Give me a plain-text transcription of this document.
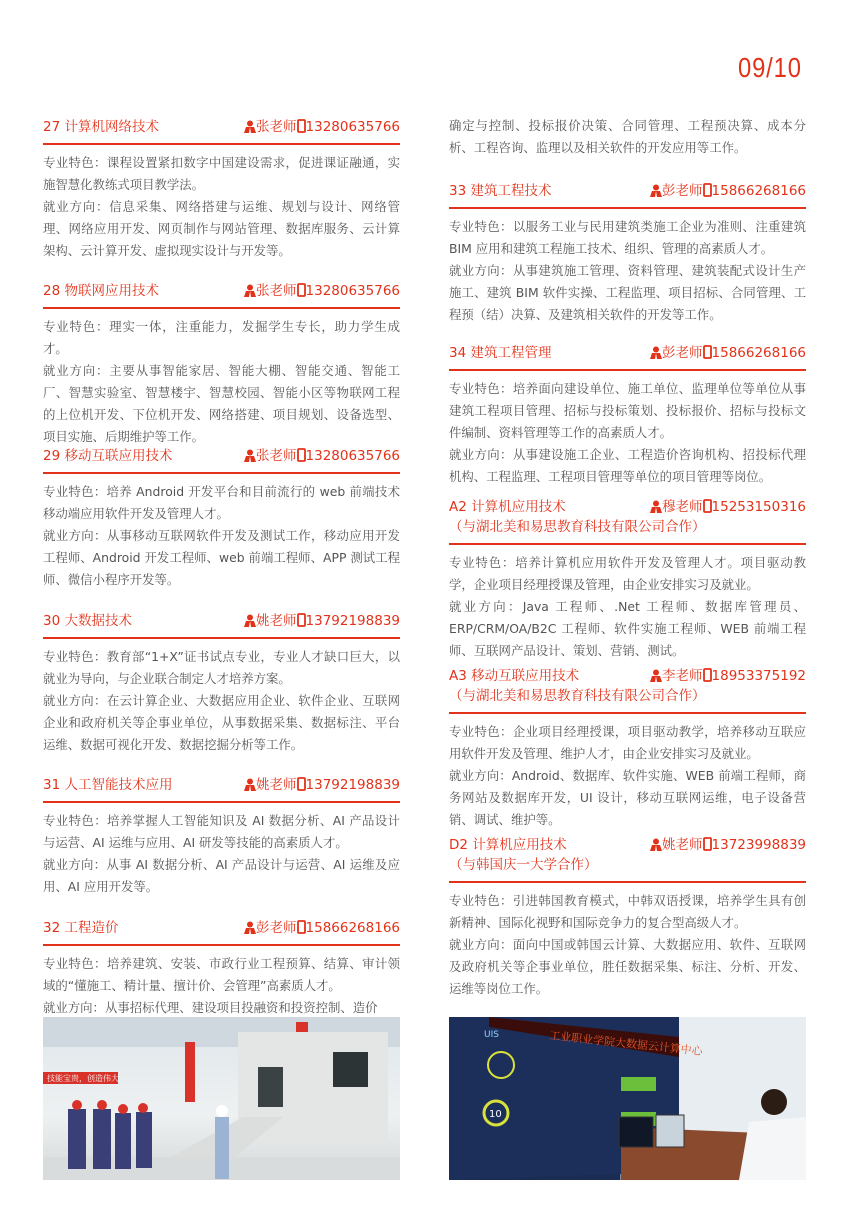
09/10

确定与控制、投标报价决策、合同管理、工程预决算、成本分析、工程咨询、监理以及相关软件的开发应用等工作。

27 计算机网络技术	张老师 13280635766

专业特色：课程设置紧扣数字中国建设需求，促进课证融通，实施智慧化教练式项目教学法。

就业方向：信息采集、网络搭建与运维、规划与设计、网络管理、网络应用开发、网页制作与网站管理、数据库服务、云计算架构、云计算开发、虚拟现实设计与开发等。

28 物联网应用技术	张老师 13280635766

专业特色：理实一体，注重能力，发掘学生专长，助力学生成才。

就业方向：主要从事智能家居、智能大棚、智能交通、智能工厂、智慧实验室、智慧楼宇、智慧校园、智能小区等物联网工程的上位机开发、下位机开发、网络搭建、项目规划、设备选型、项目实施、后期维护等工作。

29 移动互联应用技术	张老师 13280635766

专业特色：培养 Android 开发平台和目前流行的 web 前端技术移动端应用软件开发及管理人才。

就业方向：从事移动互联网软件开发及测试工作，移动应用开发工程师、Android 开发工程师、web 前端工程师、APP 测试工程师、微信小程序开发等。

30 大数据技术	姚老师 13792198839

专业特色：教育部“1+X”证书试点专业，专业人才缺口巨大，以就业为导向，与企业联合制定人才培养方案。

就业方向：在云计算企业、大数据应用企业、软件企业、互联网企业和政府机关等企事业单位，从事数据采集、数据标注、平台运维、数据可视化开发、数据挖掘分析等工作。

31 人工智能技术应用	姚老师 13792198839

专业特色：培养掌握人工智能知识及 AI 数据分析、AI 产品设计与运营、AI 运维与应用、AI 研发等技能的高素质人才。

就业方向：从事 AI 数据分析、AI 产品设计与运营、AI 运维及应用、AI 应用开发等。

32 工程造价	彭老师 15866268166

专业特色：培养建筑、安装、市政行业工程预算、结算、审计领域的“懂施工、精计量、擅计价、会管理”高素质人才。

就业方向：从事招标代理、建设项目投融资和投资控制、造价

33 建筑工程技术	彭老师 15866268166

专业特色：以服务工业与民用建筑类施工企业为准则、注重建筑 BIM 应用和建筑工程施工技术、组织、管理的高素质人才。

就业方向：从事建筑施工管理、资料管理、建筑装配式设计生产施工、建筑 BIM 软件实操、工程监理、项目招标、合同管理、工程预（结）决算、及建筑相关软件的开发等工作。

34 建筑工程管理	彭老师 15866268166

专业特色：培养面向建设单位、施工单位、监理单位等单位从事建筑工程项目管理、招标与投标策划、投标报价、招标与投标文件编制、资料管理等工作的高素质人才。

就业方向：从事建设施工企业、工程造价咨询机构、招投标代理机构、工程监理、工程项目管理等单位的项目管理等岗位。

A2 计算机应用技术
（与湖北美和易思教育科技有限公司合作）
穆老师 15253150316

专业特色：培养计算机应用软件开发及管理人才。项目驱动教学，企业项目经理授课及管理，由企业安排实习及就业。

就业方向：Java 工程师、.Net 工程师、数据库管理员、ERP/CRM/OA/B2C 工程师、软件实施工程师、WEB 前端工程师、互联网产品设计、策划、营销、测试。

A3 移动互联应用技术
（与湖北美和易思教育科技有限公司合作）
李老师 18953375192

专业特色：企业项目经理授课，项目驱动教学，培养移动互联应用软件开发及管理、维护人才，由企业安排实习及就业。

就业方向：Android、数据库、软件实施、WEB 前端工程师，商务网站及数据库开发，UI 设计，移动互联网运维，电子设备营销、调试、维护等。

D2 计算机应用技术
（与韩国庆一大学合作）
姚老师 13723998839

专业特色：引进韩国教育模式，中韩双语授课，培养学生具有创新精神、国际化视野和国际竞争力的复合型高级人才。

就业方向：面向中国或韩国云计算、大数据应用、软件、互联网及政府机关等企事业单位，胜任数据采集、标注、分析、开发、运维等岗位工作。

技能宝贵，创造伟大
工业职业学院大数据云计算中心
UIS
10
